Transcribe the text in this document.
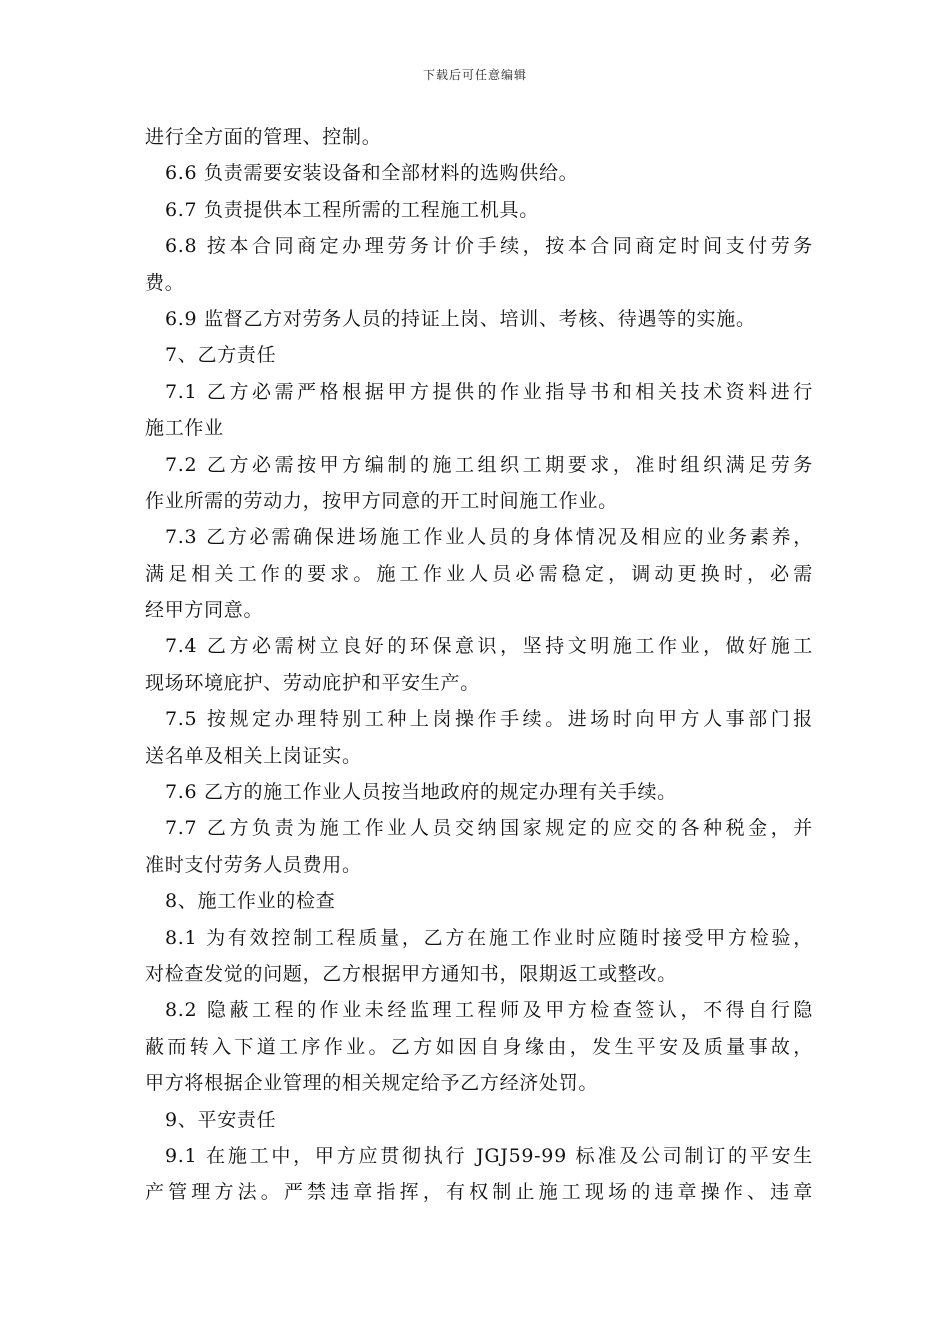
下载后可任意编辑
进行全方面的管理、控制。
6.6 负责需要安装设备和全部材料的选购供给。
6.7 负责提供本工程所需的工程施工机具。
6.8 按本合同商定办理劳务计价手续，按本合同商定时间支付劳务
费。
6.9 监督乙方对劳务人员的持证上岗、培训、考核、待遇等的实施。
7、乙方责任
7.1 乙方必需严格根据甲方提供的作业指导书和相关技术资料进行
施工作业
7.2 乙方必需按甲方编制的施工组织工期要求，准时组织满足劳务
作业所需的劳动力，按甲方同意的开工时间施工作业。
7.3 乙方必需确保进场施工作业人员的身体情况及相应的业务素养，
满足相关工作的要求。施工作业人员必需稳定，调动更换时，必需
经甲方同意。
7.4 乙方必需树立良好的环保意识，坚持文明施工作业，做好施工
现场环境庇护、劳动庇护和平安生产。
7.5 按规定办理特别工种上岗操作手续。进场时向甲方人事部门报
送名单及相关上岗证实。
7.6 乙方的施工作业人员按当地政府的规定办理有关手续。
7.7 乙方负责为施工作业人员交纳国家规定的应交的各种税金，并
准时支付劳务人员费用。
8、施工作业的检查
8.1 为有效控制工程质量，乙方在施工作业时应随时接受甲方检验，
对检查发觉的问题，乙方根据甲方通知书，限期返工或整改。
8.2 隐蔽工程的作业未经监理工程师及甲方检查签认，不得自行隐
蔽而转入下道工序作业。乙方如因自身缘由，发生平安及质量事故，
甲方将根据企业管理的相关规定给予乙方经济处罚。
9、平安责任
9.1 在施工中，甲方应贯彻执行 JGJ59-99 标准及公司制订的平安生
产管理方法。严禁违章指挥，有权制止施工现场的违章操作、违章
